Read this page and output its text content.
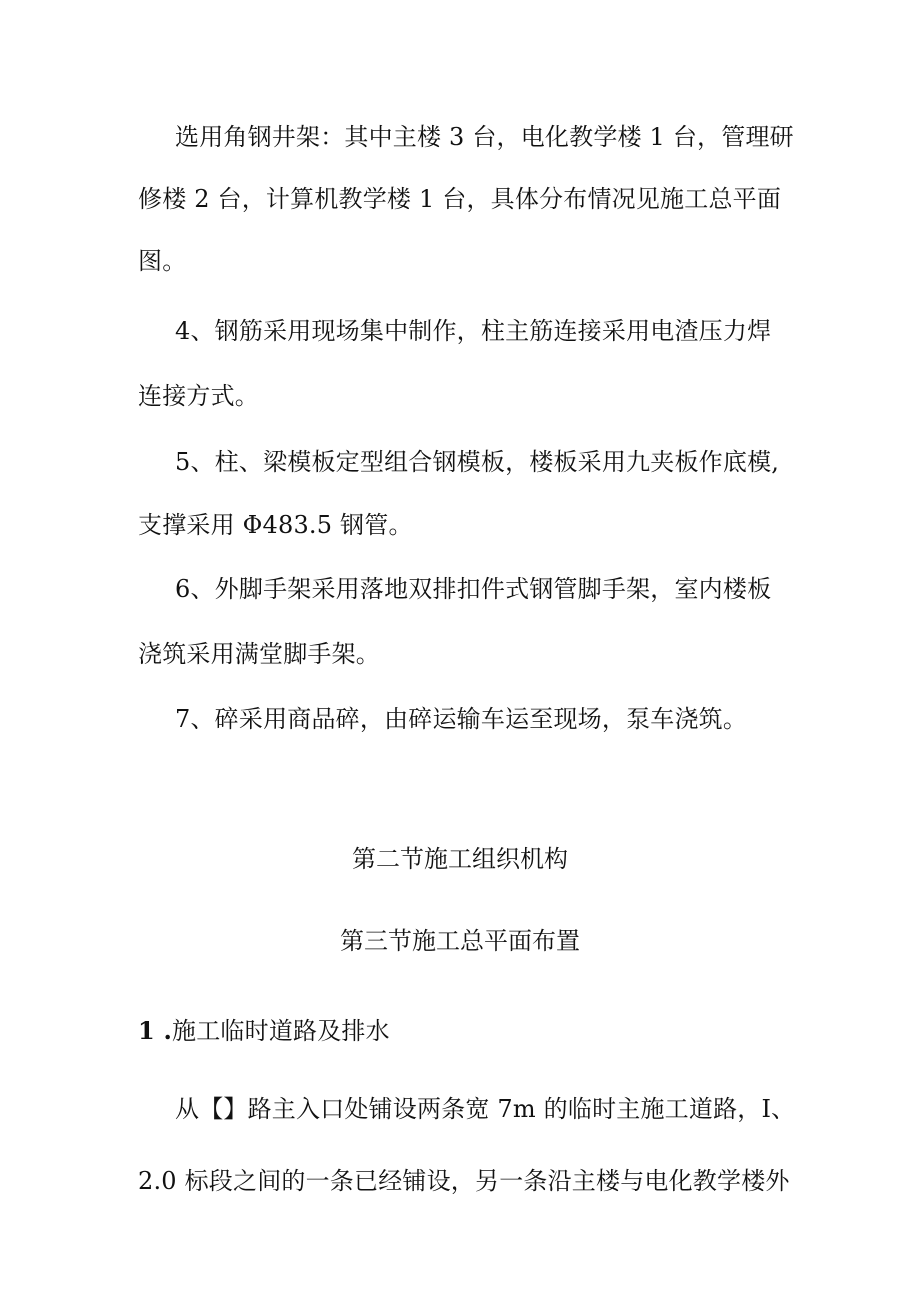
选用角钢井架：其中主楼 3 台，电化教学楼 1 台，管理研
修楼 2 台，计算机教学楼 1 台，具体分布情况见施工总平面
图。
4、钢筋采用现场集中制作，柱主筋连接采用电渣压力焊
连接方式。
5、柱、梁模板定型组合钢模板，楼板采用九夹板作底模,
支撑采用 Φ483.5 钢管。
6、外脚手架采用落地双排扣件式钢管脚手架，室内楼板
浇筑采用满堂脚手架。
7、碎采用商品碎，由碎运输车运至现场，泵车浇筑。
第二节施工组织机构
第三节施工总平面布置
1 .施工临时道路及排水
从【】路主入口处铺设两条宽 7m 的临时主施工道路，I、
2.0 标段之间的一条已经铺设，另一条沿主楼与电化教学楼外
